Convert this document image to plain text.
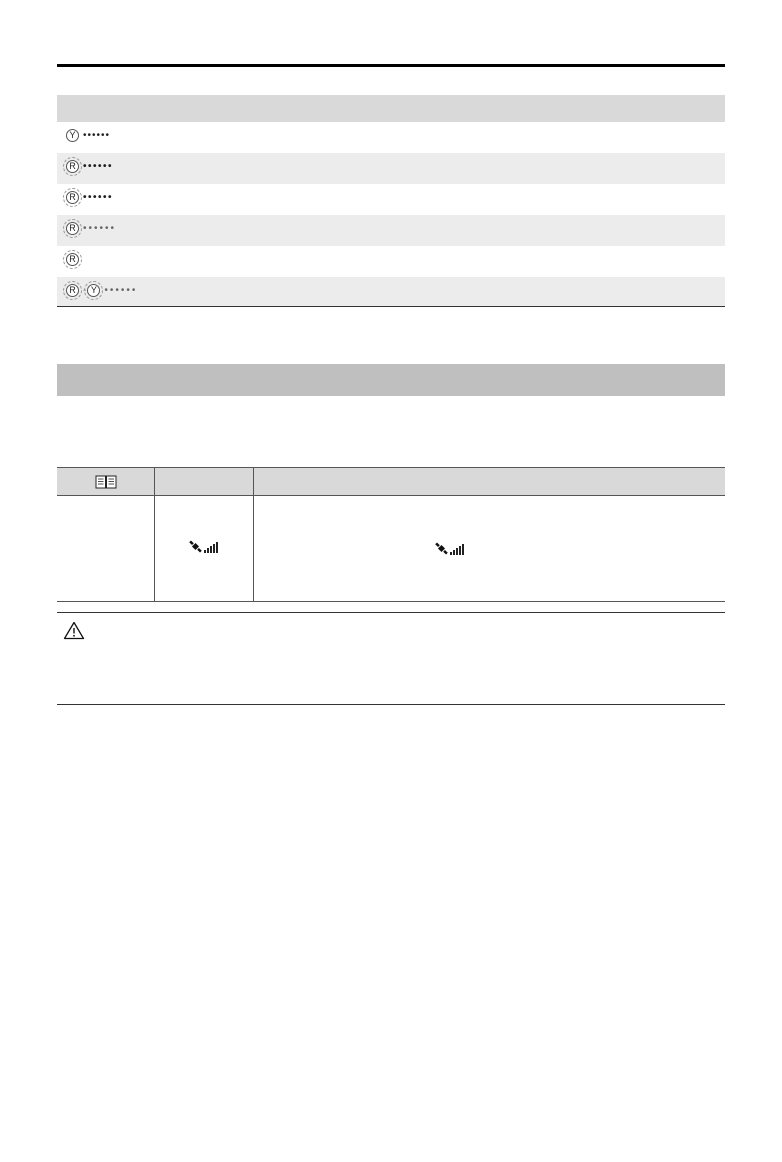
Y ••••••
R ••••••
R ••••••
R ••••••
R
R	Y ••••••
